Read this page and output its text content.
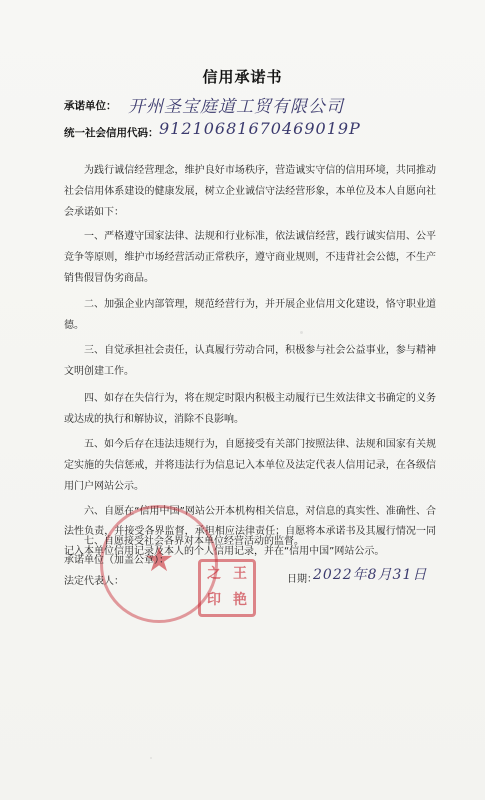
信用承诺书
承诺单位： 开州圣宝庭道工贸有限公司
统一社会信用代码： 91210681670469019P

为践行诚信经营理念，维护良好市场秩序，营造诚实守信的信用环境，共同推动社会信用体系建设的健康发展，树立企业诚信守法经营形象，本单位及本人自愿向社会承诺如下：

一、严格遵守国家法律、法规和行业标准，依法诚信经营，践行诚实信用、公平竞争等原则，维护市场经营活动正常秩序，遵守商业规则，不违背社会公德，不生产销售假冒伪劣商品。

二、加强企业内部管理，规范经营行为，并开展企业信用文化建设，恪守职业道德。

三、自觉承担社会责任，认真履行劳动合同，积极参与社会公益事业，参与精神文明创建工作。

四、如存在失信行为，将在规定时限内积极主动履行已生效法律文书确定的义务或达成的执行和解协议，消除不良影响。

五、如今后存在违法违规行为，自愿接受有关部门按照法律、法规和国家有关规定实施的失信惩戒，并将违法行为信息记入本单位及法定代表人信用记录，在各级信用门户网站公示。

六、自愿在“信用中国”网站公开本机构相关信息，对信息的真实性、准确性、合法性负责，并接受各界监督，承担相应法律责任；自愿将本承诺书及其履行情况一同记入本单位信用记录及本人的个人信用记录，并在“信用中国”网站公示。

★
七、自愿接受社会各界对本单位经营活动的监督。
承诺单位（加盖公章）：
法定代表人：	之 王
印 艳
日期：
2022年8月31日
